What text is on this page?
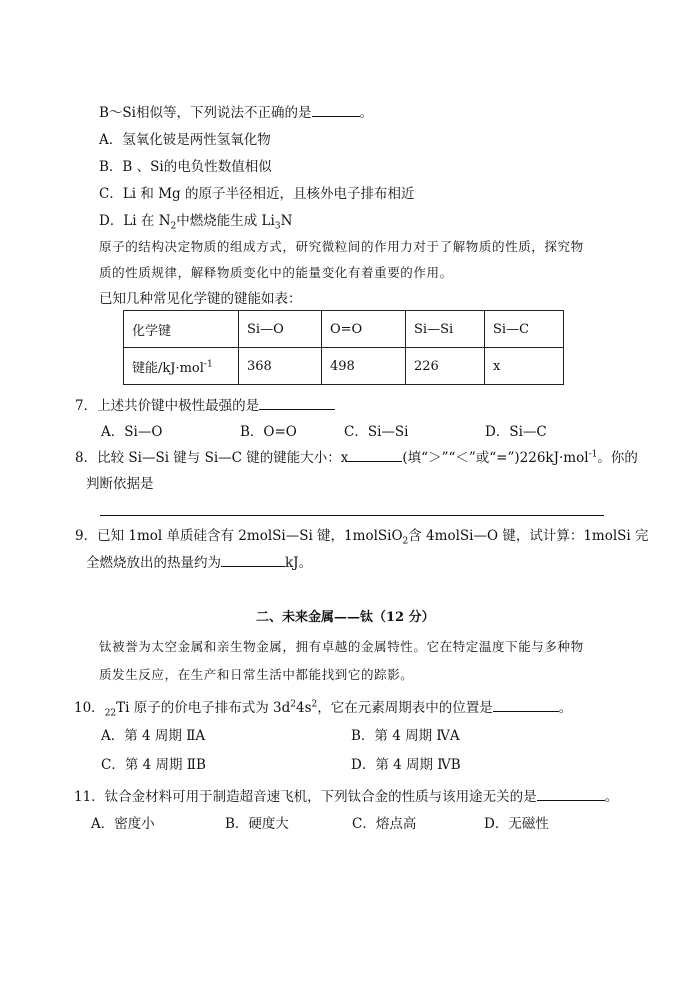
B～Si相似等，下列说法不正确的是	。
A．氢氧化铍是两性氢氧化物
B．B 、Si的电负性数值相似
C．Li 和 Mg 的原子半径相近，且核外电子排布相近
D．Li 在 $N_2$中燃烧能生成 $Li_3N$
原子的结构决定物质的组成方式，研究微粒间的作用力对于了解物质的性质，探究物
质的性质规律，解释物质变化中的能量变化有着重要的作用。
已知几种常见化学键的键能如表：
化学键	Si—O	O=O	Si—Si	Si—C
键能/kJ·mol$^{-1}$	368	498	226	x
7．上述共价键中极性最强的是
A．Si—O	B．O=O	C．Si—Si	D．Si—C
8．比较 Si—Si 键与 Si—C 键的键能大小：x	(填“＞”“＜”或“=”)226kJ·mol$^{-1}$。你的
判断依据是
9．已知 1mol 单质硅含有 2molSi—Si 键，1molSiO$_2$含 4molSi—O 键，试计算：1molSi 完
全燃烧放出的热量约为	kJ。
二、未来金属——钛（12 分）
钛被誉为太空金属和亲生物金属，拥有卓越的金属特性。它在特定温度下能与多种物
质发生反应，在生产和日常生活中都能找到它的踪影。
10．$_{22}$Ti 原子的价电子排布式为 $3d^24s^2$，它在元素周期表中的位置是	。
A．第 4 周期 ⅡA	B．第 4 周期 ⅣA
C．第 4 周期 ⅡB	D．第 4 周期 ⅣB
11．钛合金材料可用于制造超音速飞机，下列钛合金的性质与该用途无关的是	。
A．密度小	B．硬度大	C．熔点高	D．无磁性
